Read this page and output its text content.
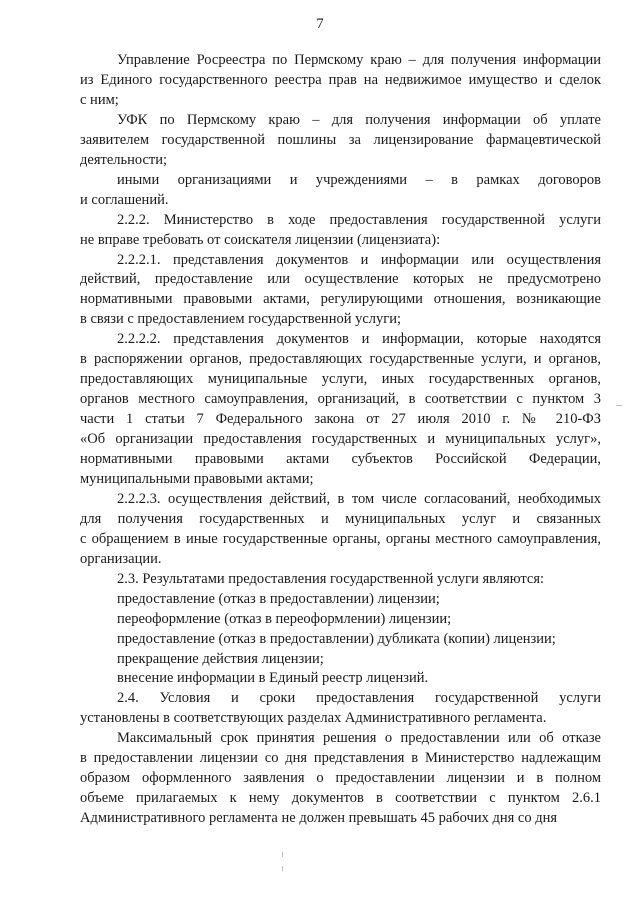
7
Управление Росреестра по Пермскому краю – для получения информации
из Единого государственного реестра прав на недвижимое имущество и сделок
с ним;
УФК по Пермскому краю – для получения информации об уплате
заявителем государственной пошлины за лицензирование фармацевтической
деятельности;
иными организациями и учреждениями – в рамках договоров
и соглашений.
2.2.2. Министерство в ходе предоставления государственной услуги
не вправе требовать от соискателя лицензии (лицензиата):
2.2.2.1. представления документов и информации или осуществления
действий, предоставление или осуществление которых не предусмотрено
нормативными правовыми актами, регулирующими отношения, возникающие
в связи с предоставлением государственной услуги;
2.2.2.2. представления документов и информации, которые находятся
в распоряжении органов, предоставляющих государственные услуги, и органов,
предоставляющих муниципальные услуги, иных государственных органов,
органов местного самоуправления, организаций, в соответствии с пунктом 3
части 1 статьи 7 Федерального закона от 27 июля 2010 г. № 210-ФЗ
«Об организации предоставления государственных и муниципальных услуг»,
нормативными правовыми актами субъектов Российской Федерации,
муниципальными правовыми актами;
2.2.2.3. осуществления действий, в том числе согласований, необходимых
для получения государственных и муниципальных услуг и связанных
с обращением в иные государственные органы, органы местного самоуправления,
организации.
2.3. Результатами предоставления государственной услуги являются:
предоставление (отказ в предоставлении) лицензии;
переоформление (отказ в переоформлении) лицензии;
предоставление (отказ в предоставлении) дубликата (копии) лицензии;
прекращение действия лицензии;
внесение информации в Единый реестр лицензий.
2.4. Условия и сроки предоставления государственной услуги
установлены в соответствующих разделах Административного регламента.
Максимальный срок принятия решения о предоставлении или об отказе
в предоставлении лицензии со дня представления в Министерство надлежащим
образом оформленного заявления о предоставлении лицензии и в полном
объеме прилагаемых к нему документов в соответствии с пунктом 2.6.1
Административного регламента не должен превышать 45 рабочих дня со дня
